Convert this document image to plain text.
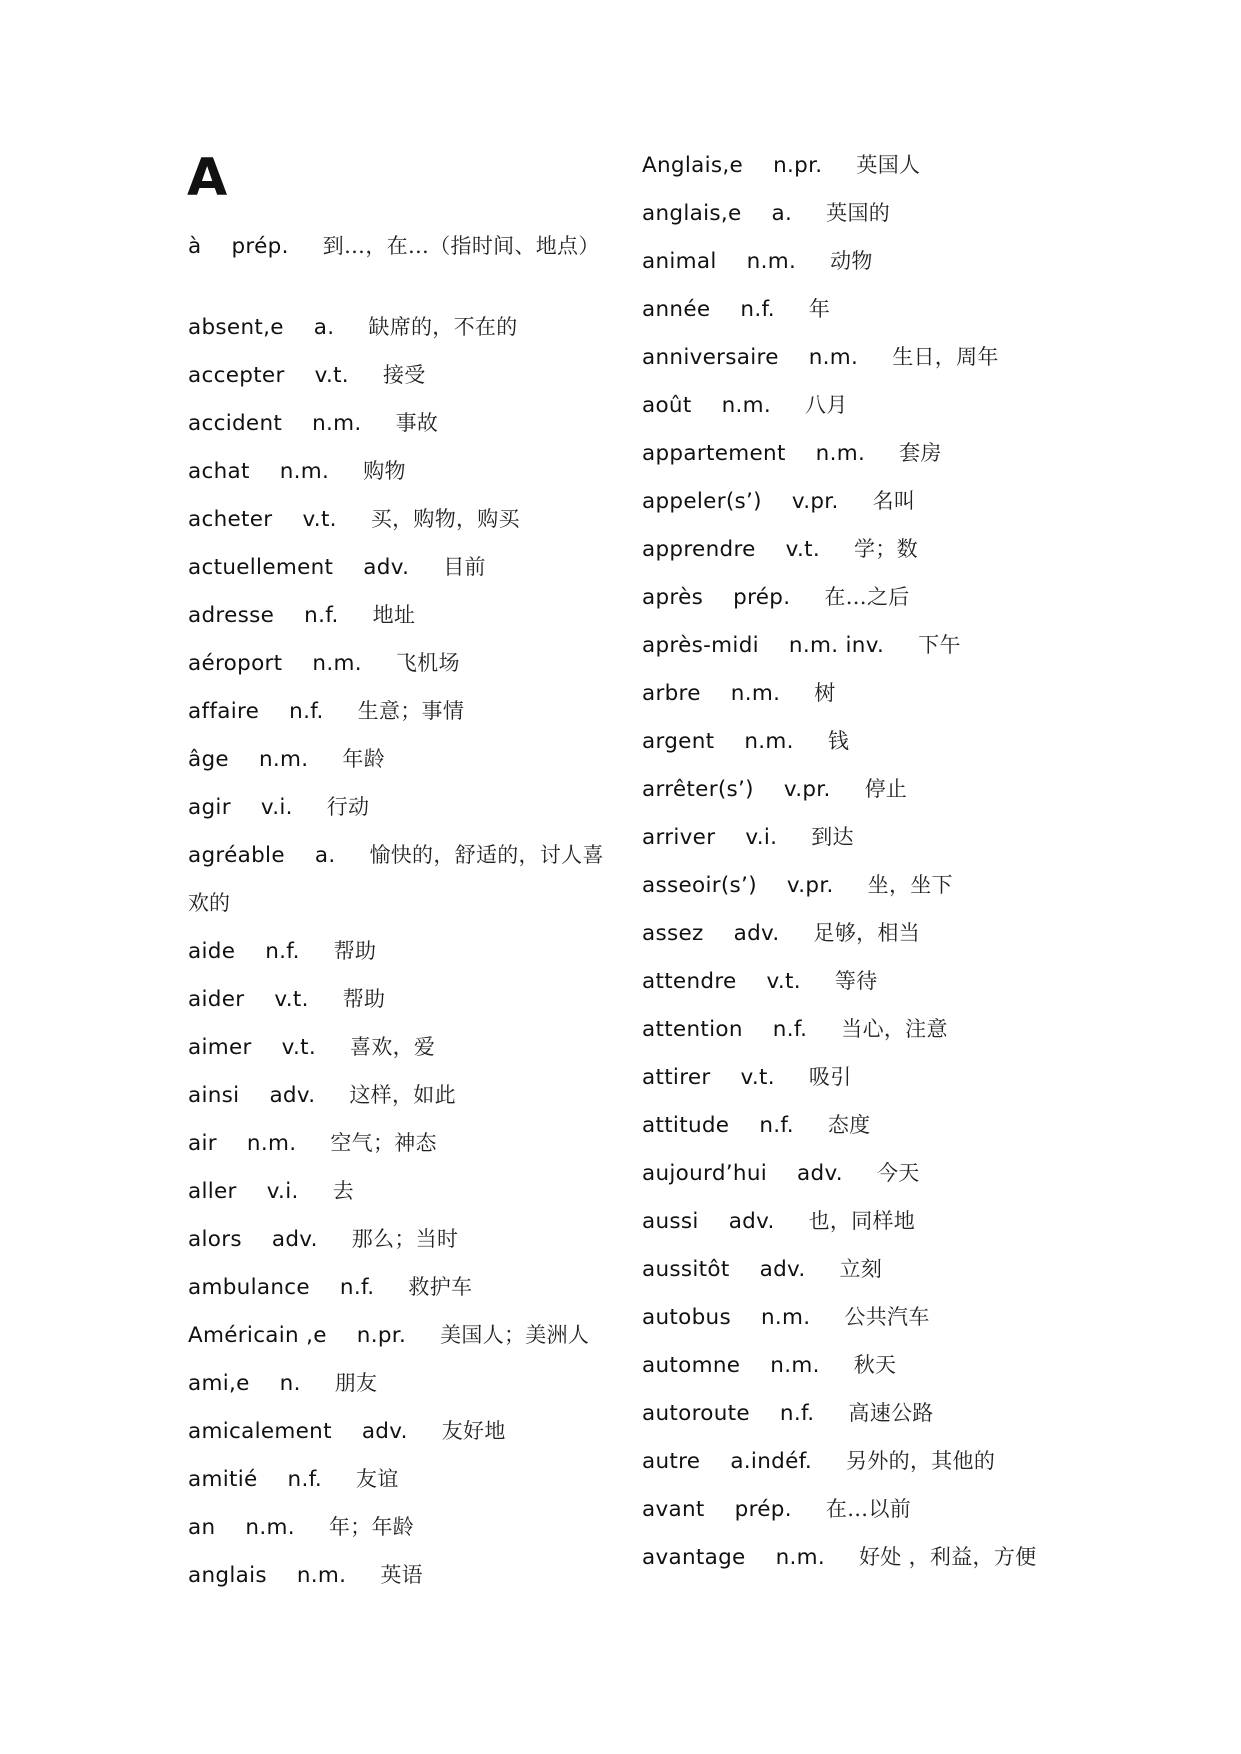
A
à prép. 到…，在…（指时间、地点）
absent,e a. 缺席的，不在的
accepter v.t. 接受
accident n.m. 事故
achat n.m. 购物
acheter v.t. 买，购物，购买
actuellement adv. 目前
adresse n.f. 地址
aéroport n.m. 飞机场
affaire n.f. 生意；事情
âge n.m. 年龄
agir v.i. 行动
agréable a. 愉快的，舒适的，讨人喜
欢的
aide n.f. 帮助
aider v.t. 帮助
aimer v.t. 喜欢，爱
ainsi adv. 这样，如此
air n.m. 空气；神态
aller v.i. 去
alors adv. 那么；当时
ambulance n.f. 救护车
Américain ,e n.pr. 美国人；美洲人
ami,e n. 朋友
amicalement adv. 友好地
amitié n.f. 友谊
an n.m. 年；年龄
anglais n.m. 英语
Anglais,e n.pr. 英国人
anglais,e a. 英国的
animal n.m. 动物
année n.f. 年
anniversaire n.m. 生日，周年
août n.m. 八月
appartement n.m. 套房
appeler(s’) v.pr. 名叫
apprendre v.t. 学；数
après prép. 在…之后
après-midi n.m. inv. 下午
arbre n.m. 树
argent n.m. 钱
arrêter(s’) v.pr. 停止
arriver v.i. 到达
asseoir(s’) v.pr. 坐，坐下
assez adv. 足够，相当
attendre v.t. 等待
attention n.f. 当心，注意
attirer v.t. 吸引
attitude n.f. 态度
aujourd’hui adv. 今天
aussi adv. 也，同样地
aussitôt adv. 立刻
autobus n.m. 公共汽车
automne n.m. 秋天
autoroute n.f. 高速公路
autre a.indéf. 另外的，其他的
avant prép. 在…以前
avantage n.m. 好处 ，利益，方便
